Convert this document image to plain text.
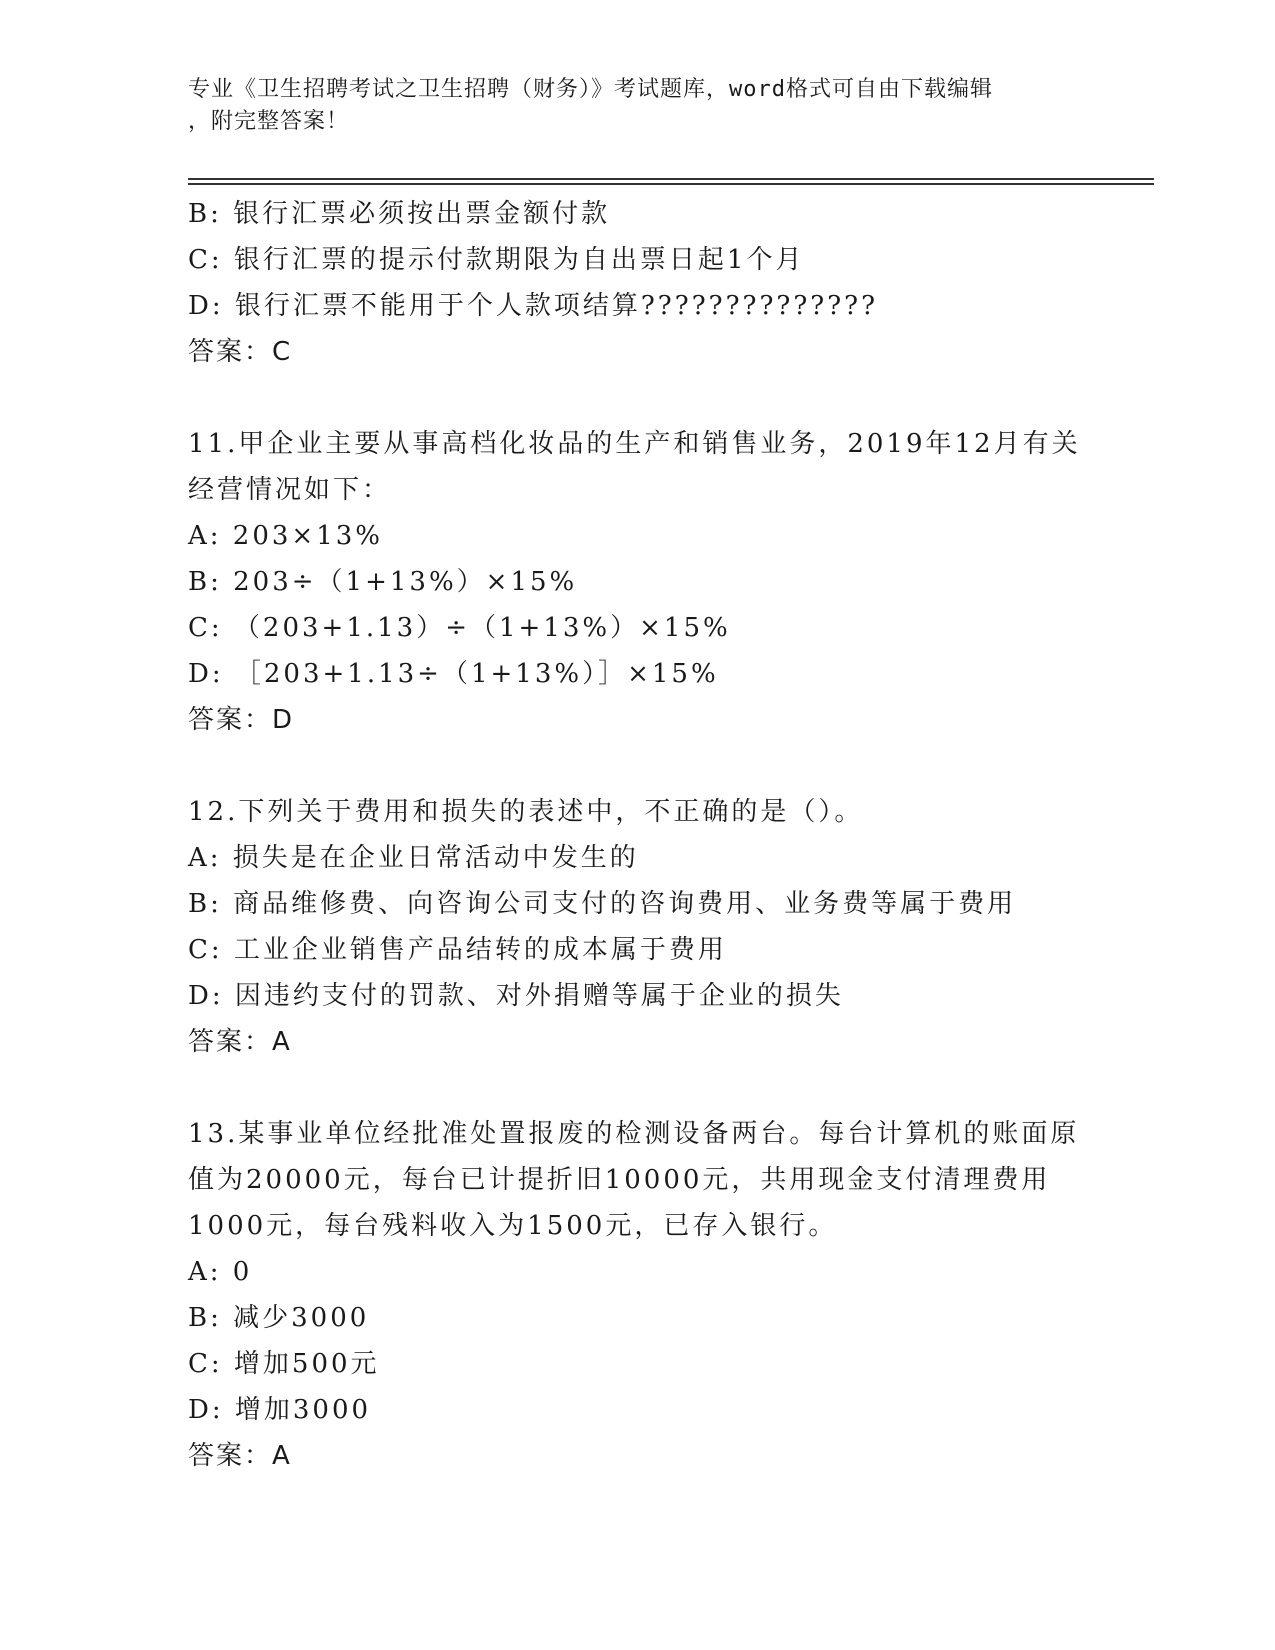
专业《卫生招聘考试之卫生招聘（财务）》考试题库，word格式可自由下载编辑
，附完整答案！
B: 银行汇票必须按出票金额付款
C: 银行汇票的提示付款期限为自出票日起1个月
D: 银行汇票不能用于个人款项结算??????????????
答案：C
11.甲企业主要从事高档化妆品的生产和销售业务，2019年12月有关
经营情况如下：
A: 203×13%
B: 203÷（1+13%）×15%
C: （203+1.13）÷（1+13%）×15%
D: ［203+1.13÷（1+13%）］×15%
答案：D
12.下列关于费用和损失的表述中，不正确的是（）。
A: 损失是在企业日常活动中发生的
B: 商品维修费、向咨询公司支付的咨询费用、业务费等属于费用
C: 工业企业销售产品结转的成本属于费用
D: 因违约支付的罚款、对外捐赠等属于企业的损失
答案：A
13.某事业单位经批准处置报废的检测设备两台。每台计算机的账面原
值为20000元，每台已计提折旧10000元，共用现金支付清理费用
1000元，每台残料收入为1500元，已存入银行。
A: 0
B: 减少3000
C: 增加500元
D: 增加3000
答案：A
